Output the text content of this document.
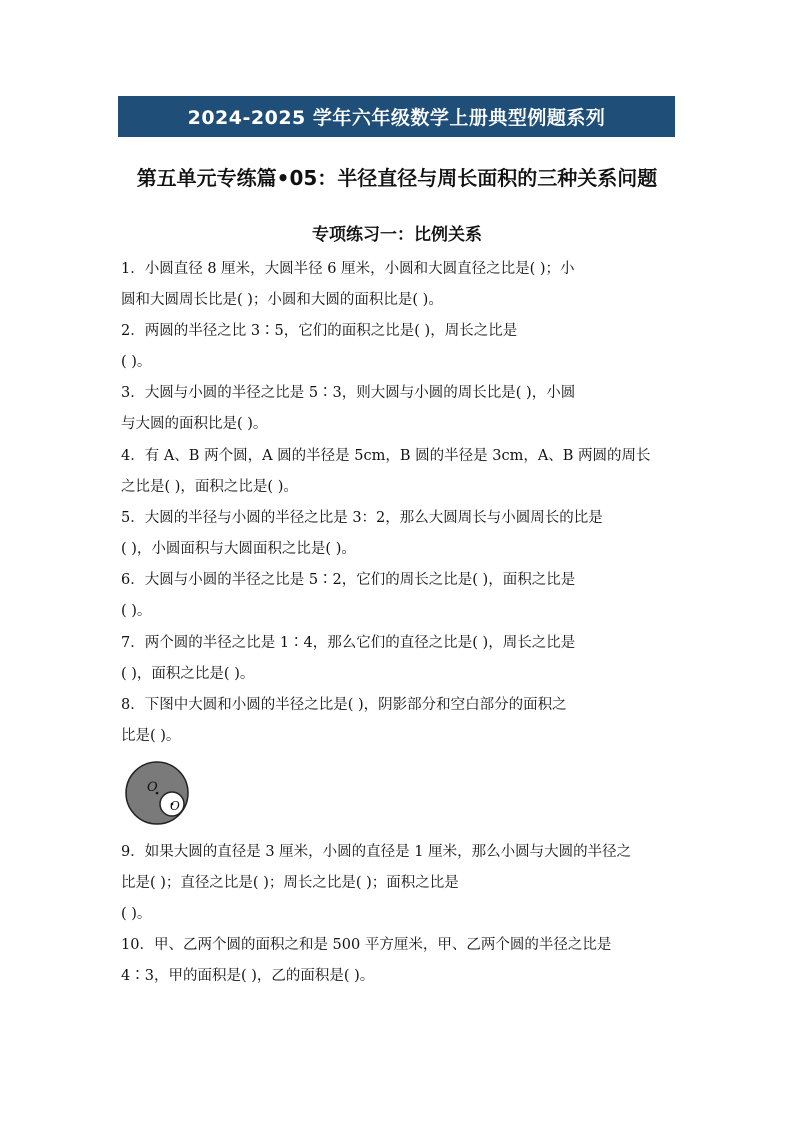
2024-2025 学年六年级数学上册典型例题系列
第五单元专练篇•05：半径直径与周长面积的三种关系问题
专项练习一：比例关系
1．小圆直径 8 厘米，大圆半径 6 厘米，小圆和大圆直径之比是( )；小
圆和大圆周长比是( )；小圆和大圆的面积比是( )。
2．两圆的半径之比 3∶5，它们的面积之比是( )，周长之比是
( )。
3．大圆与小圆的半径之比是 5∶3，则大圆与小圆的周长比是( )，小圆
与大圆的面积比是( )。
4．有 A、B 两个圆，A 圆的半径是 5cm，B 圆的半径是 3cm，A、B 两圆的周长
之比是( )，面积之比是( )。
5．大圆的半径与小圆的半径之比是 3：2，那么大圆周长与小圆周长的比是
( )，小圆面积与大圆面积之比是( )。
6．大圆与小圆的半径之比是 5∶2，它们的周长之比是( )，面积之比是
( )。
7．两个圆的半径之比是 1∶4，那么它们的直径之比是( )，周长之比是
( )，面积之比是( )。
8．下图中大圆和小圆的半径之比是( )，阴影部分和空白部分的面积之
比是( )。
O
O
9．如果大圆的直径是 3 厘米，小圆的直径是 1 厘米，那么小圆与大圆的半径之
比是( )；直径之比是( )；周长之比是( )；面积之比是
( )。
10．甲、乙两个圆的面积之和是 500 平方厘米，甲、乙两个圆的半径之比是
4∶3，甲的面积是( )，乙的面积是( )。
